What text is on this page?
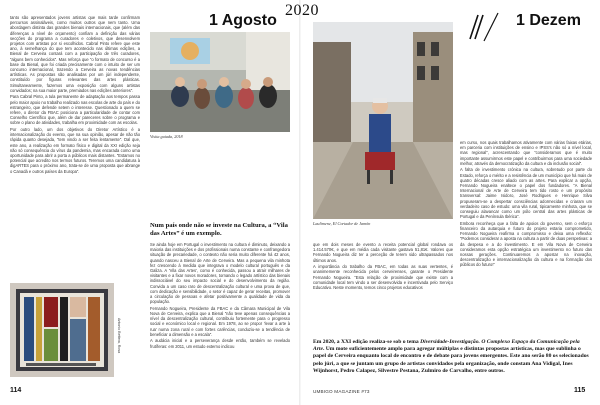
2020
1 Agosto	1 Dezem

tanto são apresentados jovens artistas que mais tarde confirmam percursos assinaláveis, como muitos outros que nem tanto. Uma abordagem distinta das grandes bienais internacionais, que (além das diferenças a nível de orçamento) confiam a definição das várias secções do programa a curadores e coletivos, que desenvolvem projetos com artistas por si escolhidos. Cabral Pinto refere que este ano, à semelhança do que tem acontecido nas últimas edições, a Bienal de Cerveira contará com a participação de três curadores, “alguns bem conhecidos”. Mas reforça que “o formato de concurso é a base da Bienal, que foi criada precisamente com o intuito de ser um concurso internacional, trazendo a Cerveira as novas tendências artísticas. As propostas são analisadas por um júri independente, constituído por figuras relevantes das artes plásticas. Simultaneamente, fazemos uma exposição com alguns artistas convidados; na sua maior parte, premiados nas edições anteriores”.

Para Cabral Pinto, a tula permanente de adaptação aos tempos passa pelo maior apoio no trabalho realizado nas escolas de arte do país e do estrangeiro, que defende setem o interesse. Questionado a quem se refere, o diretor da FBAC posiciona a particularidade de contar com Conselho Científico que, além de dar pareceres sobre o programa e sobre o plano de atividades, trabalha em proximidade com as escolas.

Por outro lado, um dos objetivos do Diretor Artístico é a internacionalização do evento, que na sua opinião, apesar de não tão rápida quanto desejada, “tem vindo a ser feita lentamente”. Dal que, este ano, a realização em formato físico e digital da XXI edição seja não só consequência do vírus da pandemia, mas encarada como uma oportunidade para abrir a porta a públicos mais distantes. “Estamos no potencial que acredito nos termos futuros. Teremos uma candidatura à digARTES para o próximo ano, trata-se de uma proposta que abrange o Canadá e outros países da Europa”.

Antonio Bettera, Rosa
Visita guiada, 2018
Num país onde não se investe na Cultura, a “Vila das Artes” é um exemplo.

Se ainda hoje em Portugal o investimento na cultura é diminuto, deixando a maioria das instituições e dos profissionais numa constante e confrangedora situação de precariedade, o contexto não seria muito diferente há 42 anos, quando nasceu a Bienal de Arte de Cerveira. Mas a pequena vila minhota fez crescendo à medida que integrava o modelo cultural português e da Galiza. A ‘Vila das Artes’, como é conhecida, passou a atrair milhares de visitantes e a fixar novos moradores, tornando o legado artístico das bienais indissociável do seu impacto social e do desenvolvimento da região. Convida a um caso raro de descentralização cultural e uma prova de que, com dedicação e sensibilidade, o setor é capaz de gerar receitas, promover a circulação de pessoas e afetar positivamente a qualidade de vida da população.

Fernando Nogueira, Presidente da FBAC e da Câmara Municipal de Vila Nova de Cerveira, explica que a Bienal “não teve apenas consequências a nível da descentralização cultural, contribuiu fortemente para o progresso social e económico local e regional. Em 1978, ao se propor ‘levar a arte à rua’ numa zona rural e com fortes carências, conduziu-se a tendência de beneficiar a dimensão e a escala”.

A audácia inicial e a perseverança desde então, também se revelado frutíferas: em 2011, um estudo externo indicou

114
Laulimene, El Cortador de Jamón

que em dois meses de evento a receita potencial global rondava os 1.414.570€, e que em média cada visitante gastava 51,81€. Valores que Fernando Nogueira diz ter a perceção de terem sido ultrapassados nos últimos anos.

A importância do trabalho da FBAC, em todas as suas vertentes, é unanimemente reconhecida pelos cerveirenses, garante o Presidente Fernando Nogueira. “Esta relação de proximidade que existe com a comunidade local tem vindo a ser desenvolvida e incentivada pelo Serviço Educativo. Neste momento, temos cinco projetos educativos

em curso, nos quais trabalhamos ativamente com várias faixas etárias, em parceria com instituições de ensino e IPSS’s não só a nível local, mas regional”, acrescentando que “consideramos que é muito importante assumirmos este papel e contribuirmos para uma sociedade melhor, através da democratização da cultura e da inclusão social”.

A falta de investimento crónica na cultura, sobretudo por parte do Estado, reforça o mérito e a resistência de um município que há mais de quatro décadas cresce aliado com as artes. Para explicar a opção, Fernando Nogueira enaltece o papel dos fundadores. “A Bienal Internacional de Arte de Cerveira tem tido rosto e um propósito transversal: Jaime Isidoro, José Rodrigues e Henrique Silva propuseram-se a despertar consciências adormecidas e criaram um verdadeiro caso de estudo: uma vila rural, tipicamente minhota, que se conseguiu alavancar como um pólo central das artes plásticas de Portugal e da Península Ibérica”.

Embora reconheça que a falta de apoios do governo, sem o esforço financeiro da autarquia e futuro do projeto estaria comprometido, Fernando Nogueira reafirma o compromisso e deixa uma reflexão: “Podemos considerar a aposta na cultura a partir de duas perspetivas: a da despesa e a do investimento. E em Vila Nova de Cerveira consideramos esta opção estratégica um investimento no futuro das nossas gerações. Continuaremos a apostar na inovação, descentralização e internacionalização da cultura e na formação dos públicos do futuro!”

Em 2020, a XXI edição realiza-se sob o tema Diversidade-Investigação. O Complexo Espaço da Comunicação pela Arte. Um mote suficientemente amplo para agregar múltiplas e distintas propostas artísticas, mas que sublinha o papel de Cerveira enquanto local de encontro e de debate para jovens emergentes. Este ano serão 80 os selecionados pelo júri, a que se juntam um grupo de artistas convidados pela organização, onde constam Ana Vidigal, Ines Wijnhorst, Pedro Calapez, Silvestre Pestana, Zulmiro de Carvalho, entre outros.
UMBIGO MAGAZINE #73	115
